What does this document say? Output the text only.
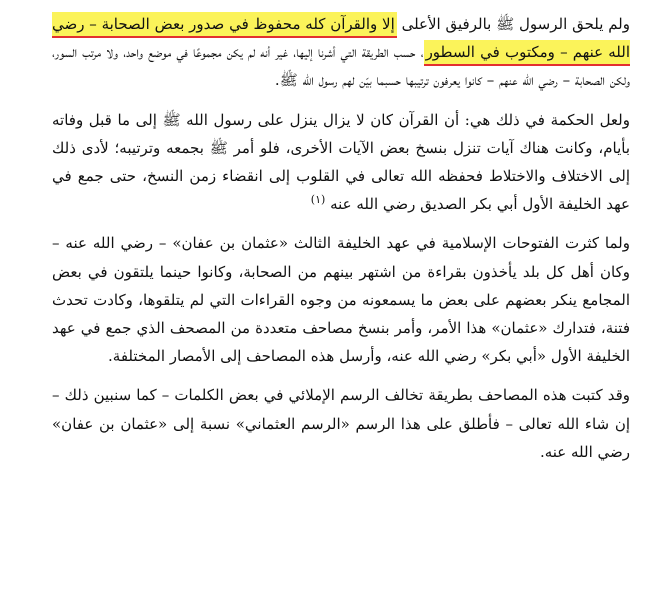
ولم يلحق الرسول ﷺ بالرفيق الأعلى إلا والقرآن كله محفوظ في صدور بعض الصحابة – رضي الله عنهم – ومكتوب في السطور، حسب الطريقة التي أشرنا إليها، غير أنه لم يكن مجموعًا في موضع واحد، ولا مرتب السور، ولكن الصحابة – رضي الله عنهم – كانوا يعرفون ترتيبها حسبما بيّن لهم رسول الله ﷺ.

ولعل الحكمة في ذلك هي: أن القرآن كان لا يزال ينزل على رسول الله ﷺ إلى ما قبل وفاته بأيام، وكانت هناك آيات تنزل بنسخ بعض الآيات الأخرى، فلو أمر ﷺ بجمعه وترتيبه؛ لأدى ذلك إلى الاختلاف والاختلاط فحفظه الله تعالى في القلوب إلى انقضاء زمن النسخ، حتى جمع في عهد الخليفة الأول أبي بكر الصديق رضي الله عنه $^{(١)}$

ولما كثرت الفتوحات الإسلامية في عهد الخليفة الثالث «عثمان بن عفان» – رضي الله عنه – وكان أهل كل بلد يأخذون بقراءة من اشتهر بينهم من الصحابة، وكانوا حينما يلتقون في بعض المجامع ينكر بعضهم على بعض ما يسمعونه من وجوه القراءات التي لم يتلقوها، وكادت تحدث فتنة، فتدارك «عثمان» هذا الأمر، وأمر بنسخ مصاحف متعددة من المصحف الذي جمع في عهد الخليفة الأول «أبي بكر» رضي الله عنه، وأرسل هذه المصاحف إلى الأمصار المختلفة.

وقد كتبت هذه المصاحف بطريقة تخالف الرسم الإملائي في بعض الكلمات – كما سنبين ذلك – إن شاء الله تعالى – فأطلق على هذا الرسم «الرسم العثماني» نسبة إلى «عثمان بن عفان» رضي الله عنه.
